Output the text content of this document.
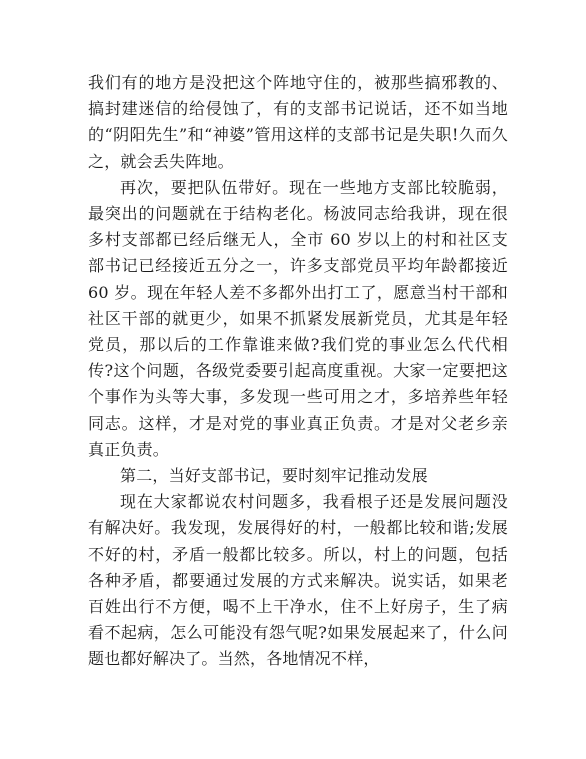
我们有的地方是没把这个阵地守住的，被那些搞邪教的、搞封建迷信的给侵蚀了，有的支部书记说话，还不如当地的“阴阳先生”和“神婆”管用这样的支部书记是失职!久而久之，就会丢失阵地。

再次，要把队伍带好。现在一些地方支部比较脆弱，最突出的问题就在于结构老化。杨波同志给我讲，现在很多村支部都已经后继无人，全市 60 岁以上的村和社区支部书记已经接近五分之一，许多支部党员平均年龄都接近 60 岁。现在年轻人差不多都外出打工了，愿意当村干部和社区干部的就更少，如果不抓紧发展新党员，尤其是年轻党员，那以后的工作靠谁来做?我们党的事业怎么代代相传?这个问题，各级党委要引起高度重视。大家一定要把这个事作为头等大事，多发现一些可用之才，多培养些年轻同志。这样，才是对党的事业真正负责。才是对父老乡亲真正负责。

第二，当好支部书记，要时刻牢记推动发展

现在大家都说农村问题多，我看根子还是发展问题没有解决好。我发现，发展得好的村，一般都比较和谐;发展不好的村，矛盾一般都比较多。所以，村上的问题，包括各种矛盾，都要通过发展的方式来解决。说实话，如果老百姓出行不方便，喝不上干净水，住不上好房子，生了病看不起病，怎么可能没有怨气呢?如果发展起来了，什么问题也都好解决了。当然，各地情况不样，
